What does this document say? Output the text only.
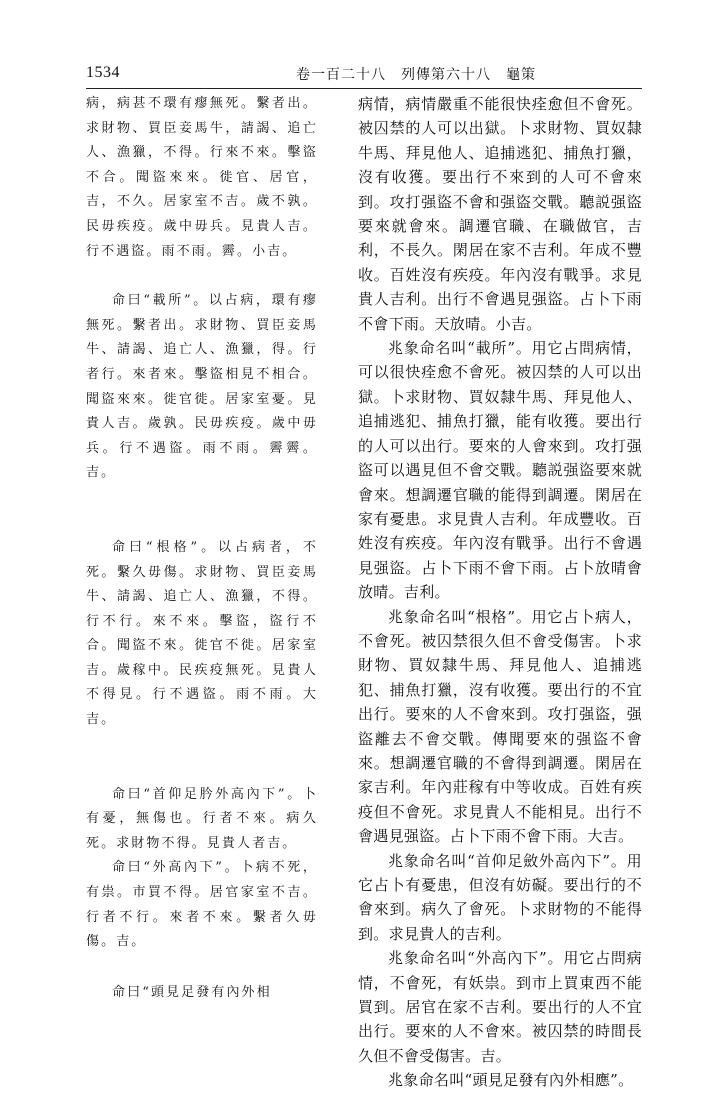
1534	卷一百二十八　列傳第六十八　龜策

病，病甚不環有瘳無死。繫者出。求財物、買臣妾馬牛，請謁、追亡人、漁獵，不得。行來不來。擊盜不合。聞盜來來。徙官、居官，吉，不久。居家室不吉。歲不孰。民毋疾疫。歲中毋兵。見貴人吉。行不遇盜。雨不雨。霽。小吉。

命曰“載所”。以占病，環有瘳無死。繫者出。求財物、買臣妾馬牛、請謁、追亡人、漁獵，得。行者行。來者來。擊盜相見不相合。聞盜來來。徙官徙。居家室憂。見貴人吉。歲孰。民毋疾疫。歲中毋兵。行不遇盜。雨不雨。霽霽。吉。

命曰“根格”。以占病者，不死。繫久毋傷。求財物、買臣妾馬牛、請謁、追亡人、漁獵，不得。行不行。來不來。擊盜，盜行不合。聞盜不來。徙官不徙。居家室吉。歲稼中。民疾疫無死。見貴人不得見。行不遇盜。雨不雨。大吉。

命曰“首仰足肣外高內下”。卜有憂，無傷也。行者不來。病久死。求財物不得。見貴人者吉。

命曰“外高內下”。卜病不死，有祟。市買不得。居官家室不吉。行者不行。來者不來。繫者久毋傷。吉。

命曰“頭見足發有內外相

病情，病情嚴重不能很快痊愈但不會死。被囚禁的人可以出獄。卜求財物、買奴隸牛馬、拜見他人、追捕逃犯、捕魚打獵，沒有收獲。要出行不來到的人可不會來到。攻打强盜不會和强盜交戰。聽説强盜要來就會來。調遷官職、在職做官，吉利，不長久。閑居在家不吉利。年成不豐收。百姓沒有疾疫。年內沒有戰爭。求見貴人吉利。出行不會遇見强盜。占卜下雨不會下雨。天放晴。小吉。

兆象命名叫“載所”。用它占問病情，可以很快痊愈不會死。被囚禁的人可以出獄。卜求財物、買奴隸牛馬、拜見他人、追捕逃犯、捕魚打獵，能有收獲。要出行的人可以出行。要來的人會來到。攻打强盜可以遇見但不會交戰。聽説强盜要來就會來。想調遷官職的能得到調遷。閑居在家有憂患。求見貴人吉利。年成豐收。百姓沒有疾疫。年內沒有戰爭。出行不會遇見强盜。占卜下雨不會下雨。占卜放晴會放晴。吉利。

兆象命名叫“根格”。用它占卜病人，不會死。被囚禁很久但不會受傷害。卜求財物、買奴隸牛馬、拜見他人、追捕逃犯、捕魚打獵，沒有收獲。要出行的不宜出行。要來的人不會來到。攻打强盜，强盜離去不會交戰。傳聞要來的强盜不會來。想調遷官職的不會得到調遷。閑居在家吉利。年內莊稼有中等收成。百姓有疾疫但不會死。求見貴人不能相見。出行不會遇見强盜。占卜下雨不會下雨。大吉。

兆象命名叫“首仰足斂外高內下”。用它占卜有憂患，但沒有妨礙。要出行的不會來到。病久了會死。卜求財物的不能得到。求見貴人的吉利。

兆象命名叫“外高內下”。用它占問病情，不會死，有妖祟。到市上買東西不能買到。居官在家不吉利。要出行的人不宜出行。要來的人不會來。被囚禁的時間長久但不會受傷害。吉。

兆象命名叫“頭見足發有內外相應”。
